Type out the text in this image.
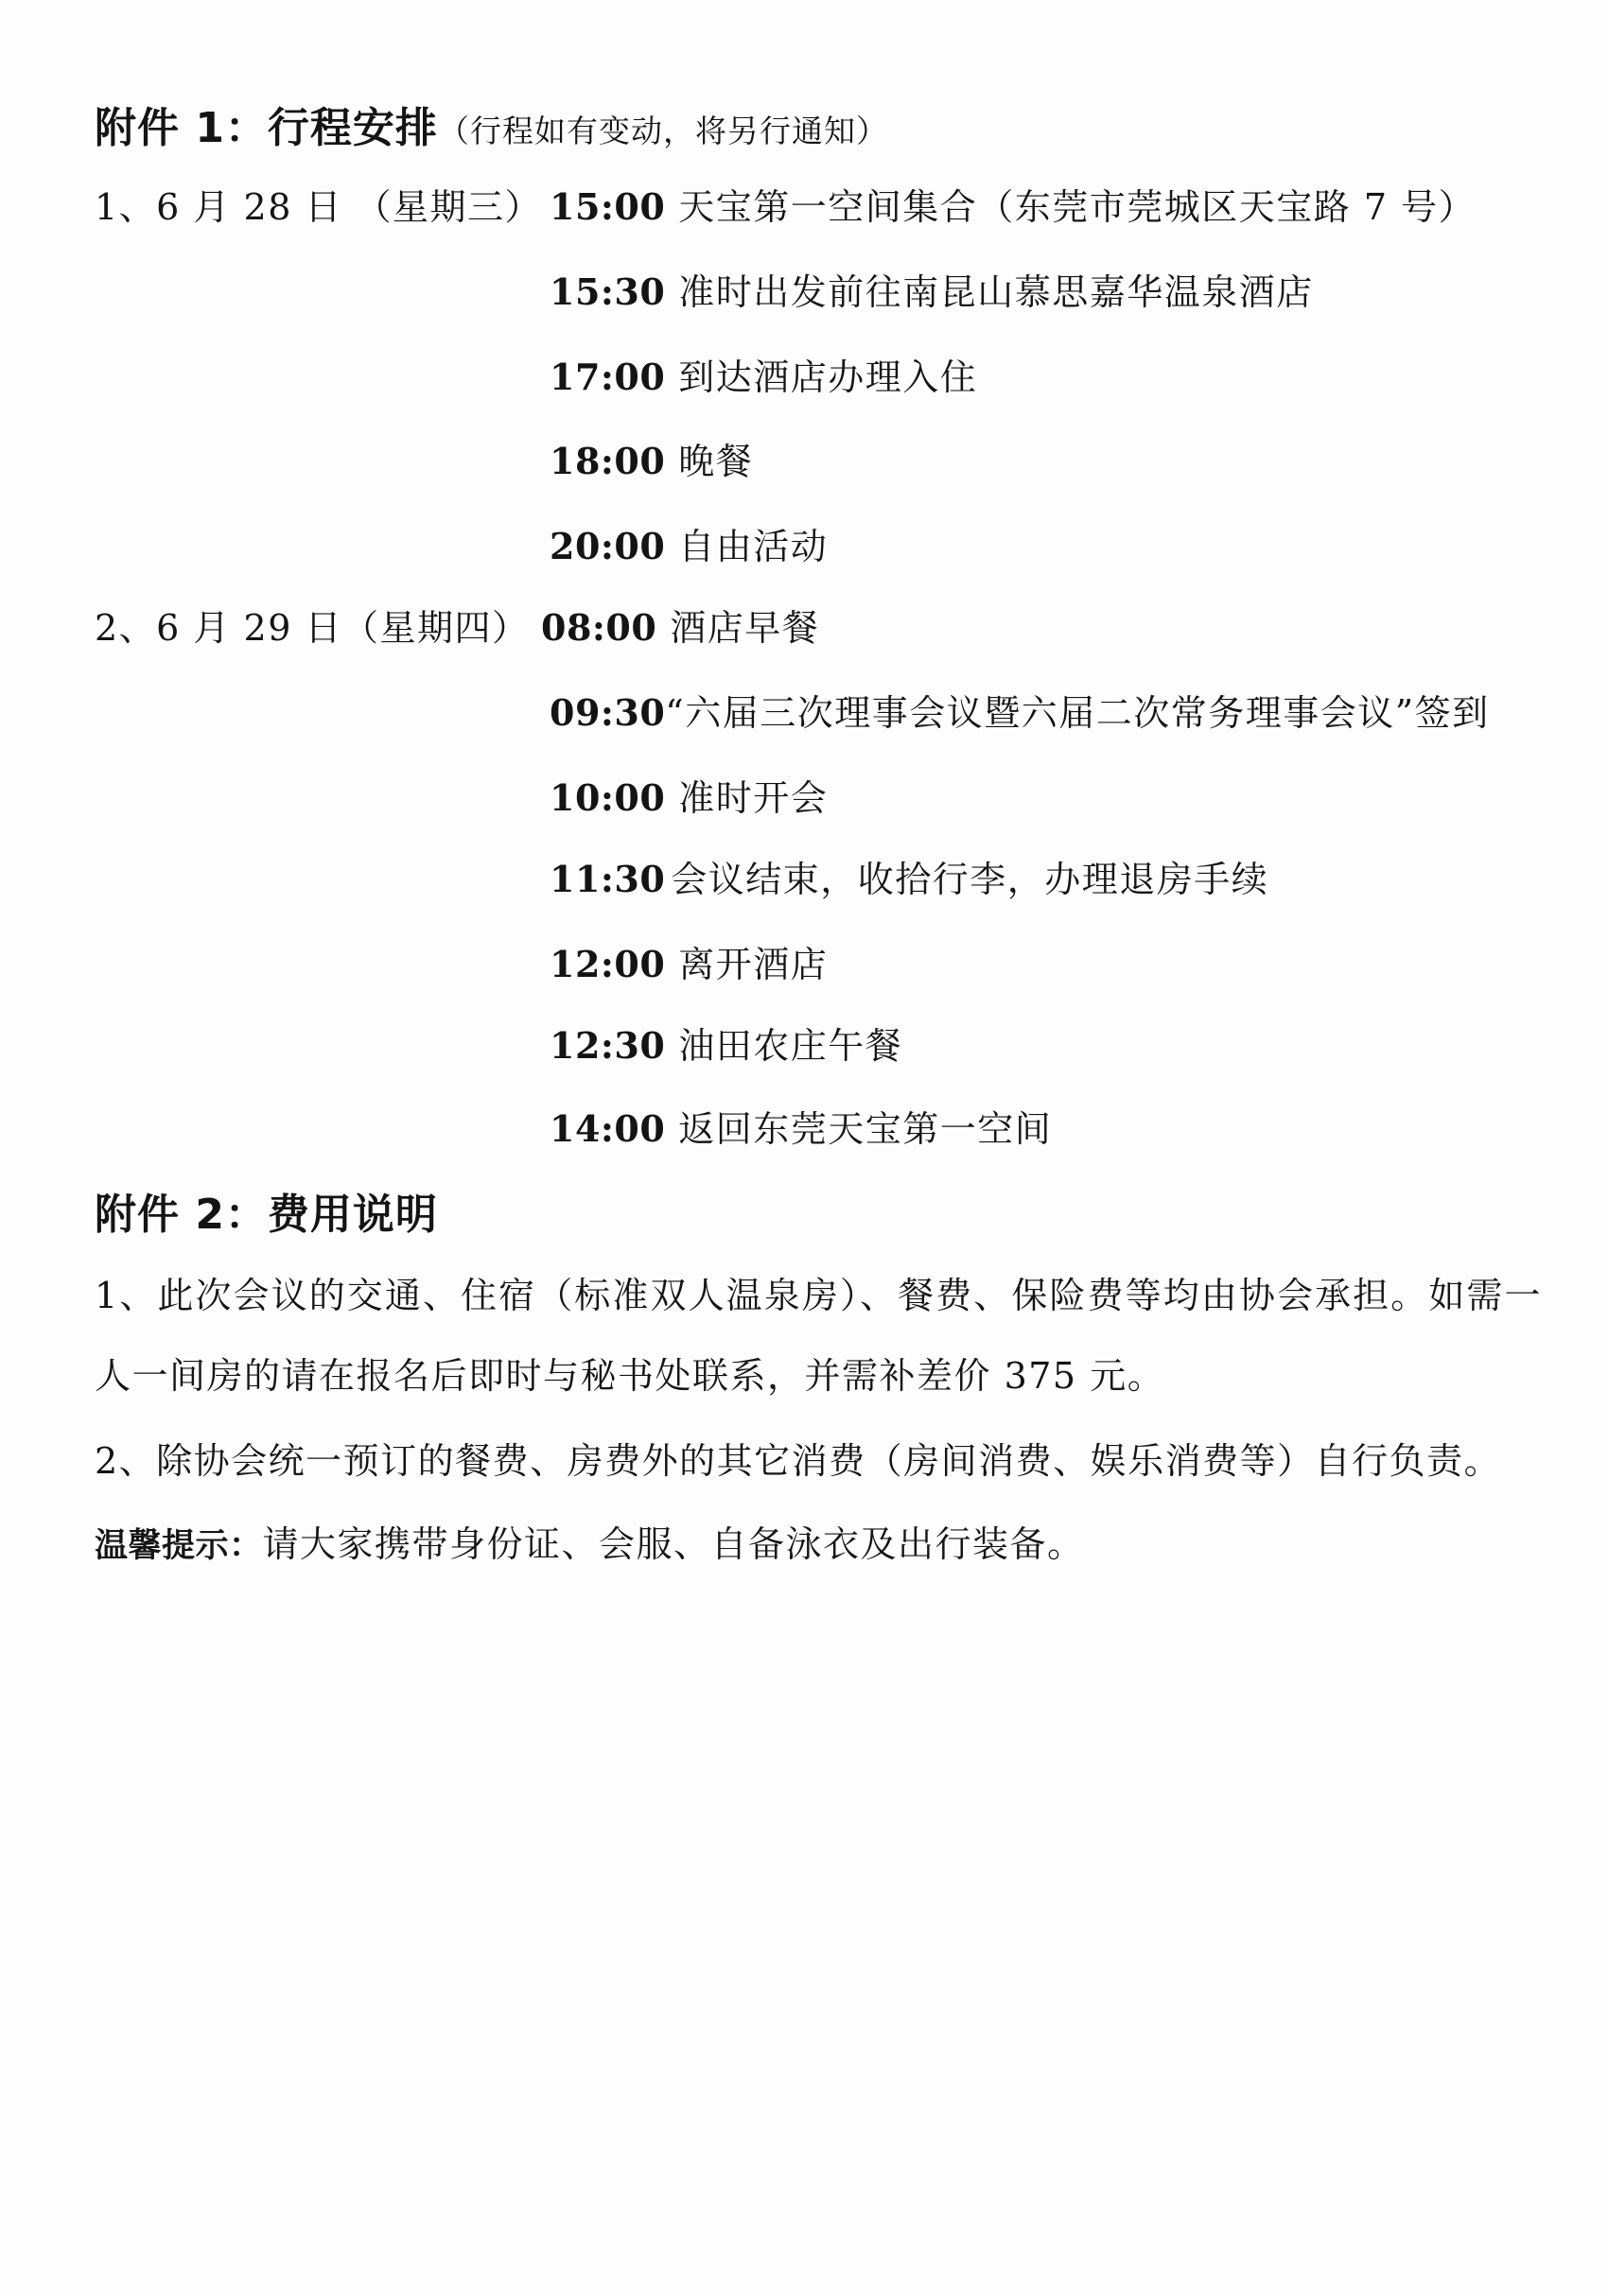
附件 1：行程安排（行程如有变动，将另行通知）
1、6 月 28 日 （星期三） 15:00 天宝第一空间集合（东莞市莞城区天宝路 7 号）
15:30 准时出发前往南昆山慕思嘉华温泉酒店
17:00 到达酒店办理入住
18:00 晚餐
20:00 自由活动
2、6 月 29 日（星期四） 08:00 酒店早餐
09:30“六届三次理事会议暨六届二次常务理事会议”签到
10:00 准时开会
11:30 会议结束，收拾行李，办理退房手续
12:00 离开酒店
12:30 油田农庄午餐
14:00 返回东莞天宝第一空间
附件 2：费用说明
1、此次会议的交通、住宿（标准双人温泉房）、餐费、保险费等均由协会承担。如需一人一间房的请在报名后即时与秘书处联系，并需补差价 375 元。
2、除协会统一预订的餐费、房费外的其它消费（房间消费、娱乐消费等）自行负责。
温馨提示：请大家携带身份证、会服、自备泳衣及出行装备。
